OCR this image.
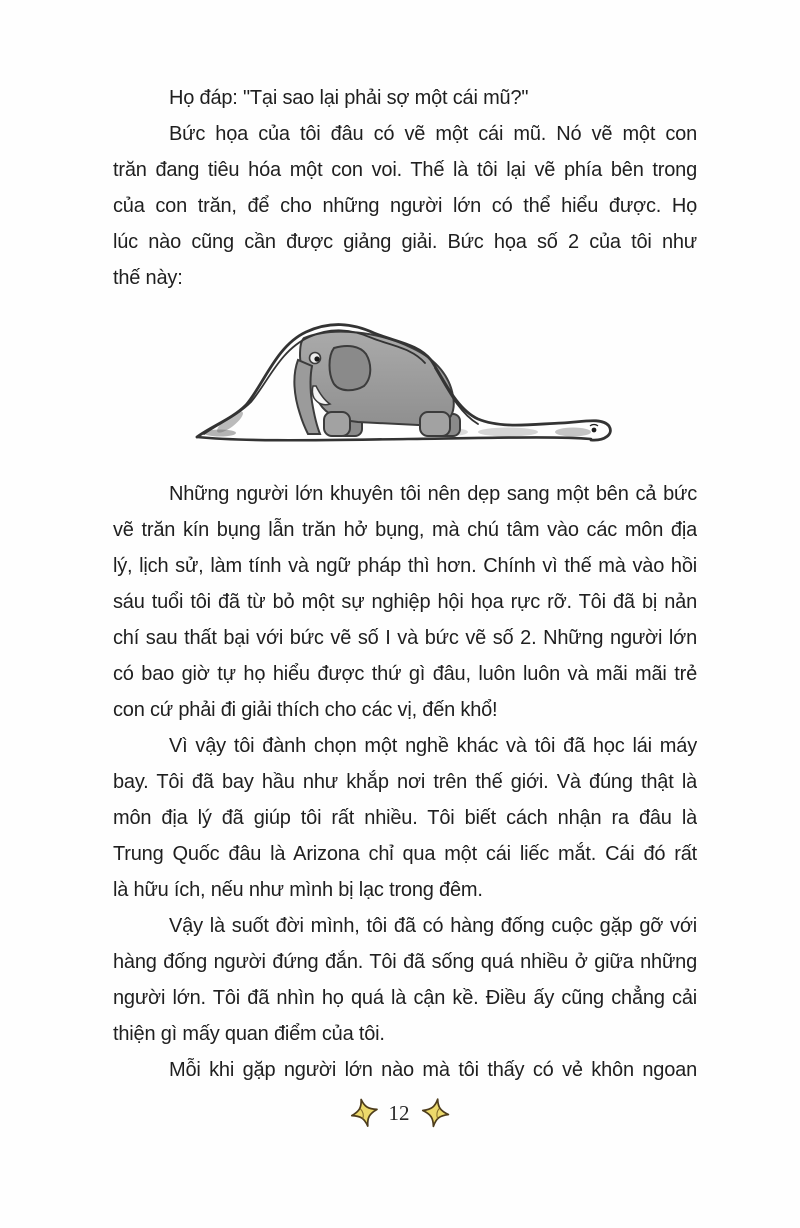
Họ đáp: "Tại sao lại phải sợ một cái mũ?"
Bức họa của tôi đâu có vẽ một cái mũ. Nó vẽ một con
trăn đang tiêu hóa một con voi. Thế là tôi lại vẽ phía bên trong
của con trăn, để cho những người lớn có thể hiểu được. Họ
lúc nào cũng cần được giảng giải. Bức họa số 2 của tôi như
thế này:
Những người lớn khuyên tôi nên dẹp sang một bên cả bức
vẽ trăn kín bụng lẫn trăn hở bụng, mà chú tâm vào các môn địa
lý, lịch sử, làm tính và ngữ pháp thì hơn. Chính vì thế mà vào hồi
sáu tuổi tôi đã từ bỏ một sự nghiệp hội họa rực rỡ. Tôi đã bị nản
chí sau thất bại với bức vẽ số I và bức vẽ số 2. Những người lớn
có bao giờ tự họ hiểu được thứ gì đâu, luôn luôn và mãi mãi trẻ
con cứ phải đi giải thích cho các vị, đến khổ!
Vì vậy tôi đành chọn một nghề khác và tôi đã học lái máy
bay. Tôi đã bay hầu như khắp nơi trên thế giới. Và đúng thật là
môn địa lý đã giúp tôi rất nhiều. Tôi biết cách nhận ra đâu là
Trung Quốc đâu là Arizona chỉ qua một cái liếc mắt. Cái đó rất
là hữu ích, nếu như mình bị lạc trong đêm.
Vậy là suốt đời mình, tôi đã có hàng đống cuộc gặp gỡ với
hàng đống người đứng đắn. Tôi đã sống quá nhiều ở giữa những
người lớn. Tôi đã nhìn họ quá là cận kề. Điều ấy cũng chẳng cải
thiện gì mấy quan điểm của tôi.
Mỗi khi gặp người lớn nào mà tôi thấy có vẻ khôn ngoan
12
